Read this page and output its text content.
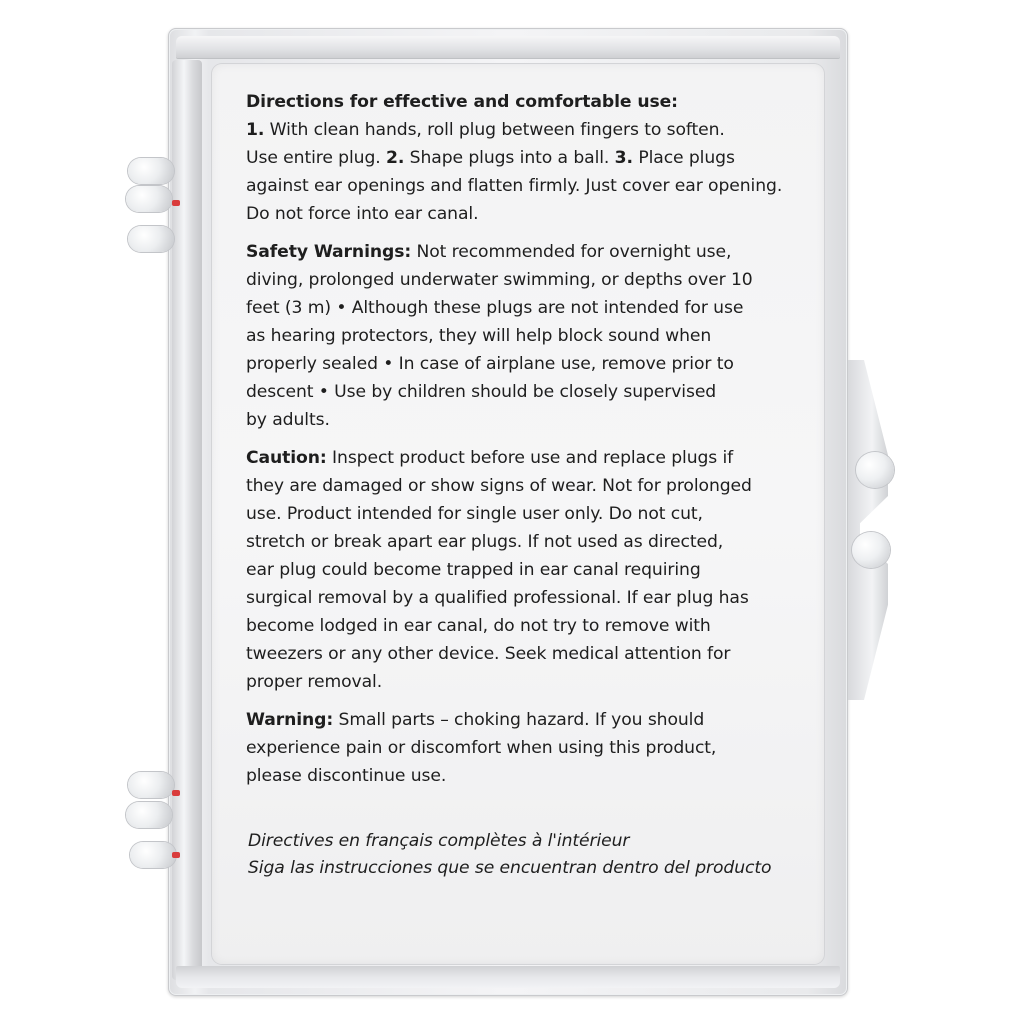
Directions for effective and comfortable use:
1. With clean hands, roll plug between fingers to soften.
Use entire plug. 2. Shape plugs into a ball. 3. Place plugs
against ear openings and flatten firmly. Just cover ear opening.
Do not force into ear canal.
Safety Warnings: Not recommended for overnight use,
diving, prolonged underwater swimming, or depths over 10
feet (3 m) • Although these plugs are not intended for use
as hearing protectors, they will help block sound when
properly sealed • In case of airplane use, remove prior to
descent • Use by children should be closely supervised
by adults.
Caution: Inspect product before use and replace plugs if
they are damaged or show signs of wear. Not for prolonged
use. Product intended for single user only. Do not cut,
stretch or break apart ear plugs. If not used as directed,
ear plug could become trapped in ear canal requiring
surgical removal by a qualified professional. If ear plug has
become lodged in ear canal, do not try to remove with
tweezers or any other device. Seek medical attention for
proper removal.
Warning: Small parts – choking hazard. If you should
experience pain or discomfort when using this product,
please discontinue use.
Directives en français complètes à l'intérieur
Siga las instrucciones que se encuentran dentro del producto
